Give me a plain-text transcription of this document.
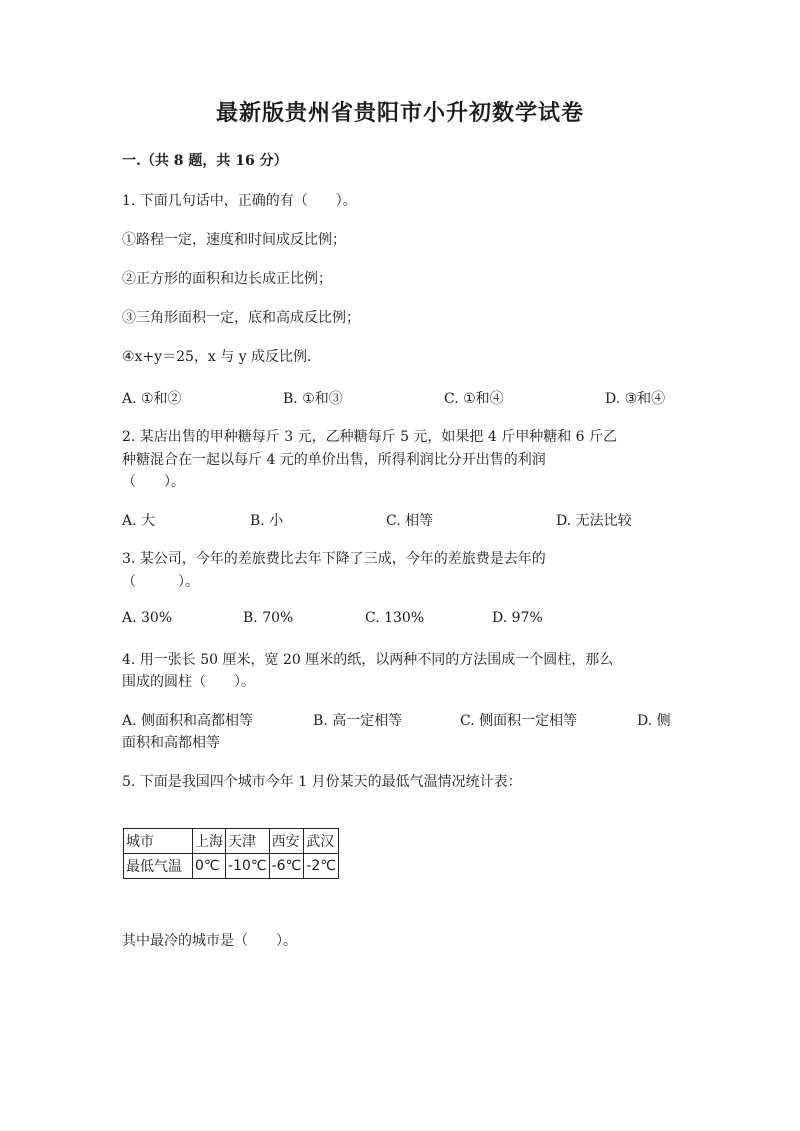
最新版贵州省贵阳市小升初数学试卷
一.（共 8 题，共 16 分）
1. 下面几句话中，正确的有（　　）。
①路程一定，速度和时间成反比例；
②正方形的面积和边长成正比例；
③三角形面积一定，底和高成反比例；
④x+y＝25，x 与 y 成反比例．
A. ①和②	B. ①和③	C. ①和④	D. ③和④
2. 某店出售的甲种糖每斤 3 元，乙种糖每斤 5 元，如果把 4 斤甲种糖和 6 斤乙
种糖混合在一起以每斤 4 元的单价出售，所得利润比分开出售的利润
（　　）。
A. 大	B. 小	C. 相等	D. 无法比较
3. 某公司，今年的差旅费比去年下降了三成，今年的差旅费是去年的
（　　　）。
A. 30%	B. 70%	C. 130%	D. 97%
4. 用一张长 50 厘米，宽 20 厘米的纸，以两种不同的方法围成一个圆柱，那么
围成的圆柱（　　）。
A. 侧面积和高都相等	B. 高一定相等	C. 侧面积一定相等	D. 侧
面积和高都相等
5. 下面是我国四个城市今年 1 月份某天的最低气温情况统计表：
城市	上海	天津	西安	武汉
最低气温	0℃	-10℃	-6℃	-2℃
其中最冷的城市是（　　）。
